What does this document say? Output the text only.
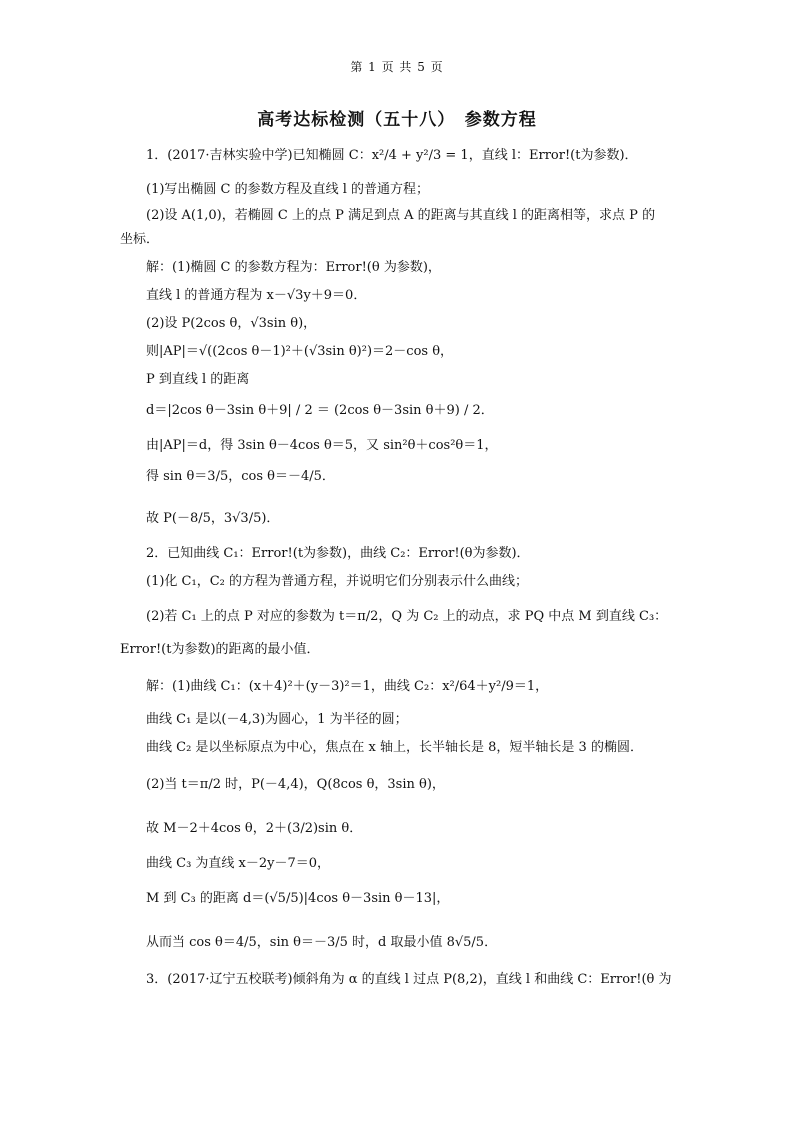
第 1 页 共 5 页
高考达标检测（五十八）　参数方程
1．(2017·吉林实验中学)已知椭圆 C：x²/4 + y²/3 = 1，直线 l：Error!(t为参数)．
(1)写出椭圆 C 的参数方程及直线 l 的普通方程；
(2)设 A(1,0)，若椭圆 C 上的点 P 满足到点 A 的距离与其直线 l 的距离相等，求点 P 的
坐标．
解：(1)椭圆 C 的参数方程为：Error!(θ 为参数)，
直线 l 的普通方程为 x－√3y＋9＝0．
(2)设 P(2cos θ，√3sin θ)，
则|AP|＝√((2cos θ－1)²＋(√3sin θ)²)＝2－cos θ，
P 到直线 l 的距离
d＝|2cos θ－3sin θ＋9| / 2 ＝ (2cos θ－3sin θ＋9) / 2．
由|AP|＝d，得 3sin θ－4cos θ＝5，又 sin²θ＋cos²θ＝1，
得 sin θ＝3/5，cos θ＝－4/5．
故 P(－8/5，3√3/5)．
2．已知曲线 C₁：Error!(t为参数)，曲线 C₂：Error!(θ为参数)．
(1)化 C₁，C₂ 的方程为普通方程，并说明它们分别表示什么曲线；
(2)若 C₁ 上的点 P 对应的参数为 t＝π/2，Q 为 C₂ 上的动点，求 PQ 中点 M 到直线 C₃：
Error!(t为参数)的距离的最小值．
解：(1)曲线 C₁：(x＋4)²＋(y－3)²＝1，曲线 C₂：x²/64＋y²/9＝1，
曲线 C₁ 是以(－4,3)为圆心，1 为半径的圆；
曲线 C₂ 是以坐标原点为中心，焦点在 x 轴上，长半轴长是 8，短半轴长是 3 的椭圆．
(2)当 t＝π/2 时，P(－4,4)，Q(8cos θ，3sin θ)，
故 M－2＋4cos θ，2＋(3/2)sin θ．
曲线 C₃ 为直线 x－2y－7＝0，
M 到 C₃ 的距离 d＝(√5/5)|4cos θ－3sin θ－13|，
从而当 cos θ＝4/5，sin θ＝－3/5 时，d 取最小值 8√5/5．
3．(2017·辽宁五校联考)倾斜角为 α 的直线 l 过点 P(8,2)，直线 l 和曲线 C：Error!(θ 为
